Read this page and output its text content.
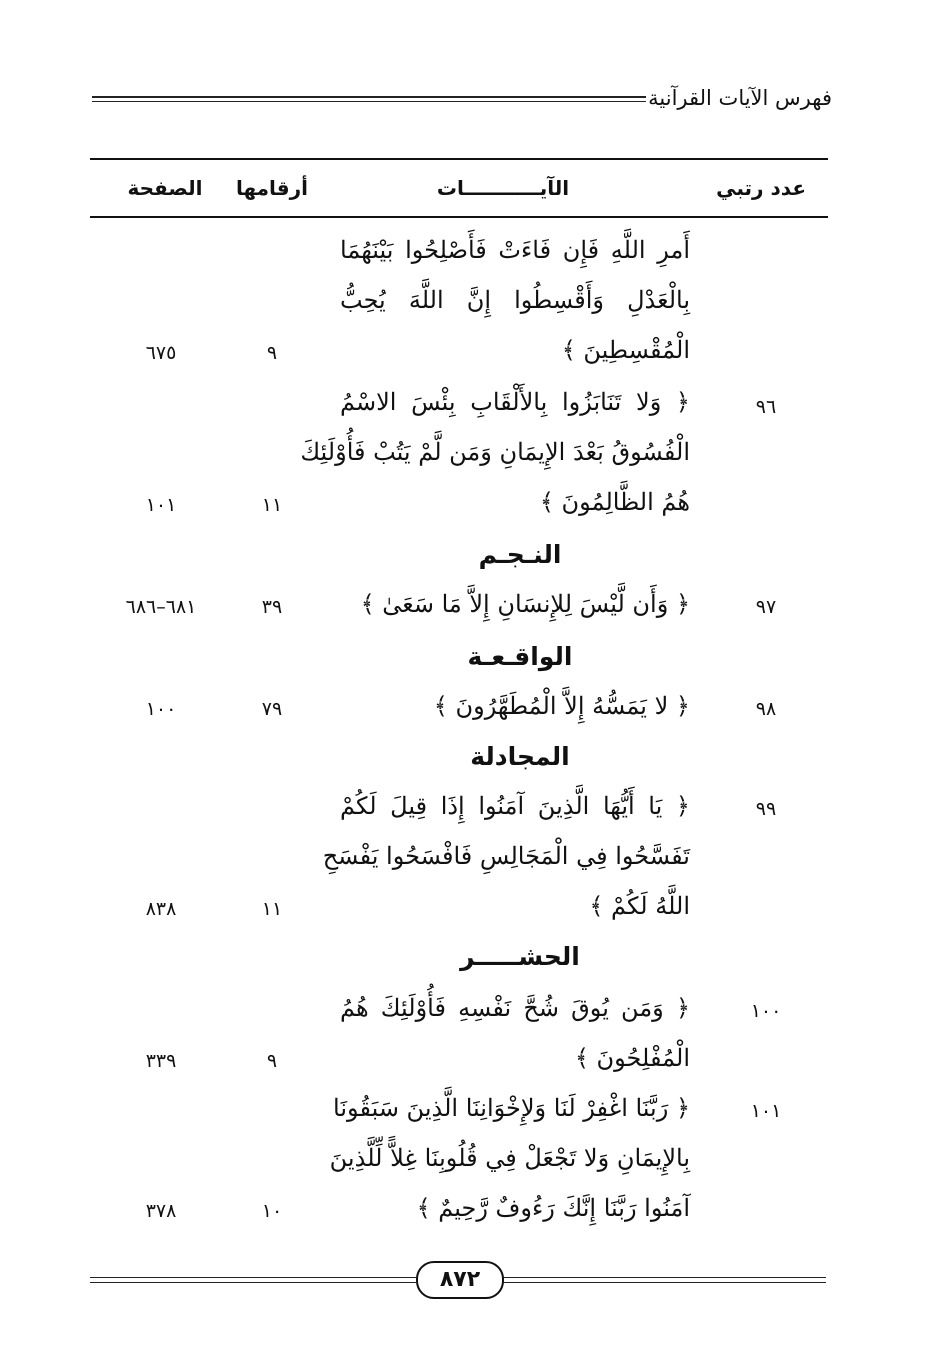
فهرس الآيات القرآنية
عدد رتبي
الآيـــــــــــات
أرقامها
الصفحة
أَمرِ اللَّهِ فَإِن فَاءَتْ فَأَصْلِحُوا بَيْنَهُمَا
بِالْعَدْلِ وَأَقْسِطُوا إِنَّ اللَّهَ يُحِبُّ
الْمُقْسِطِينَ ﴾
٩
٦٧٥
٩٦
﴿ وَلا تَنَابَزُوا بِالأَلْقَابِ بِئْسَ الاسْمُ
الْفُسُوقُ بَعْدَ الإِيمَانِ وَمَن لَّمْ يَتُبْ فَأُوْلَئِكَ
هُمُ الظَّالِمُونَ ﴾
١١
١٠١
النـجـم
٩٧
﴿ وَأَن لَّيْسَ لِلإِنسَانِ إِلاَّ مَا سَعَىٰ ﴾
٣٩
٦٨١–٦٨٦
الواقـعـة
٩٨
﴿ لا يَمَسُّهُ إِلاَّ الْمُطَهَّرُونَ ﴾
٧٩
١٠٠
المجادلة
٩٩
﴿ يَا أَيُّهَا الَّذِينَ آمَنُوا إِذَا قِيلَ لَكُمْ
تَفَسَّحُوا فِي الْمَجَالِسِ فَافْسَحُوا يَفْسَحِ
اللَّهُ لَكُمْ ﴾
١١
٨٣٨
الحشـــــر
١٠٠
﴿ وَمَن يُوقَ شُحَّ نَفْسِهِ فَأُوْلَئِكَ هُمُ
الْمُفْلِحُونَ ﴾
٩
٣٣٩
١٠١
﴿ رَبَّنَا اغْفِرْ لَنَا وَلإِخْوَانِنَا الَّذِينَ سَبَقُونَا
بِالإِيمَانِ وَلا تَجْعَلْ فِي قُلُوبِنَا غِلاًّ لِّلَّذِينَ
آمَنُوا رَبَّنَا إِنَّكَ رَءُوفٌ رَّحِيمٌ ﴾
١٠
٣٧٨
٨٧٢
